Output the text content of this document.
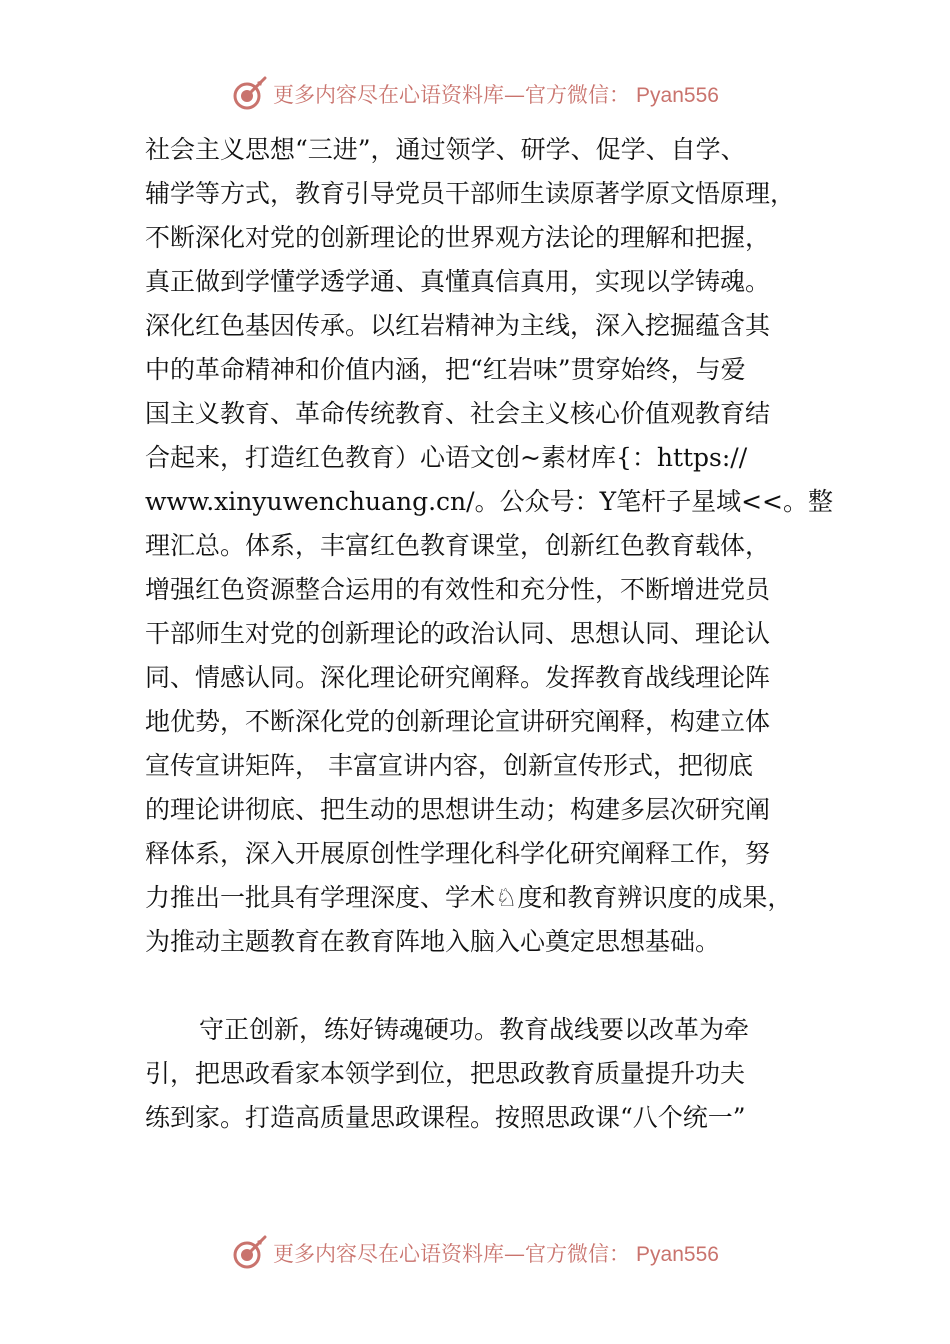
更多内容尽在心语资料库—官方微信： Pyan556
社会主义思想“三进”，通过领学、研学、促学、自学、
辅学等方式，教育引导党员干部师生读原著学原文悟原理，
不断深化对党的创新理论的世界观方法论的理解和把握，
真正做到学懂学透学通、真懂真信真用，实现以学铸魂。
深化红色基因传承。以红岩精神为主线，深入挖掘蕴含其
中的革命精神和价值内涵，把“红岩味”贯穿始终，与爱
国主义教育、革命传统教育、社会主义核心价值观教育结
合起来，打造红色教育）心语文创~素材库{：https://
www.xinyuwenchuang.cn/。公众号：Y笔杆子星域<<。整
理汇总。体系，丰富红色教育课堂，创新红色教育载体，
增强红色资源整合运用的有效性和充分性，不断增进党员
干部师生对党的创新理论的政治认同、思想认同、理论认
同、情感认同。深化理论研究阐释。发挥教育战线理论阵
地优势，不断深化党的创新理论宣讲研究阐释，构建立体
宣传宣讲矩阵， 丰富宣讲内容，创新宣传形式，把彻底
的理论讲彻底、把生动的思想讲生动；构建多层次研究阐
释体系，深入开展原创性学理化科学化研究阐释工作，努
力推出一批具有学理深度、学术♘度和教育辨识度的成果，
为推动主题教育在教育阵地入脑入心奠定思想基础。
守正创新，练好铸魂硬功。教育战线要以改革为牵
引，把思政看家本领学到位，把思政教育质量提升功夫
练到家。打造高质量思政课程。按照思政课“八个统一”
更多内容尽在心语资料库—官方微信： Pyan556
